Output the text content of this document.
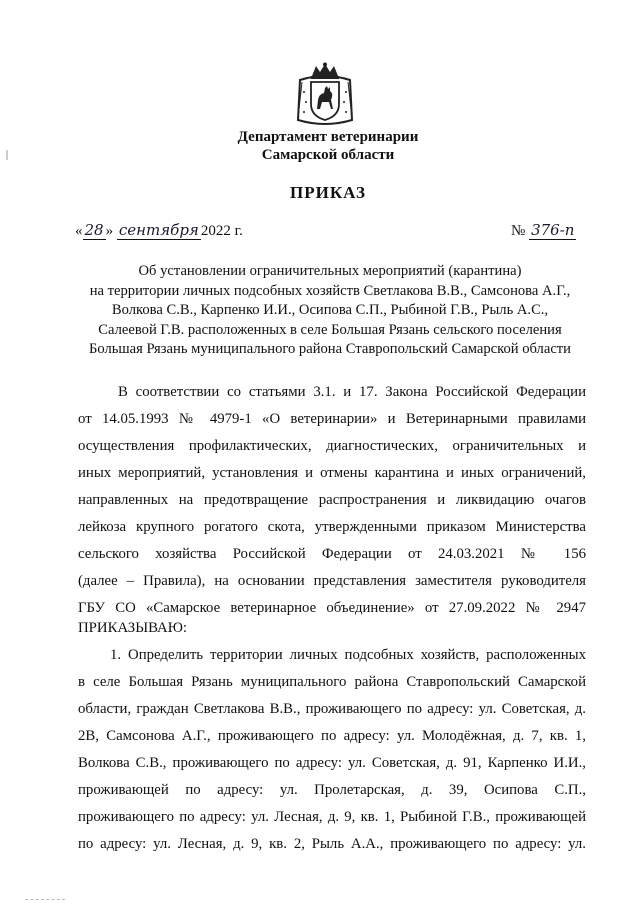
Департамент ветеринарии
Самарской области
ПРИКАЗ
« 28 » сентября 2022 г.	№ 376-п
Об установлении ограничительных мероприятий (карантина)
на территории личных подсобных хозяйств Светлакова В.В., Самсонова А.Г.,
Волкова С.В., Карпенко И.И., Осипова С.П., Рыбиной Г.В., Рыль А.С.,
Салеевой Г.В. расположенных в селе Большая Рязань сельского поселения
Большая Рязань муниципального района Ставропольский Самарской области
В соответствии со статьями 3.1. и 17. Закона Российской Федерации
от 14.05.1993 № 4979-1 «О ветеринарии» и Ветеринарными правилами
осуществления профилактических, диагностических, ограничительных и
иных мероприятий, установления и отмены карантина и иных ограничений,
направленных на предотвращение распространения и ликвидацию очагов
лейкоза крупного рогатого скота, утвержденными приказом Министерства
сельского хозяйства Российской Федерации от 24.03.2021 № 156
(далее – Правила), на основании представления заместителя руководителя
ГБУ СО «Самарское ветеринарное объединение» от 27.09.2022 № 2947
ПРИКАЗЫВАЮ:
1. Определить территории личных подсобных хозяйств, расположенных
в селе Большая Рязань муниципального района Ставропольский Самарской
области, граждан Светлакова В.В., проживающего по адресу: ул. Советская, д.
2В, Самсонова А.Г., проживающего по адресу: ул. Молодёжная, д. 7, кв. 1,
Волкова С.В., проживающего по адресу: ул. Советская, д. 91, Карпенко И.И.,
проживающей по адресу: ул. Пролетарская, д. 39, Осипова С.П.,
проживающего по адресу: ул. Лесная, д. 9, кв. 1, Рыбиной Г.В., проживающей
по адресу: ул. Лесная, д. 9, кв. 2, Рыль А.А., проживающего по адресу: ул.
